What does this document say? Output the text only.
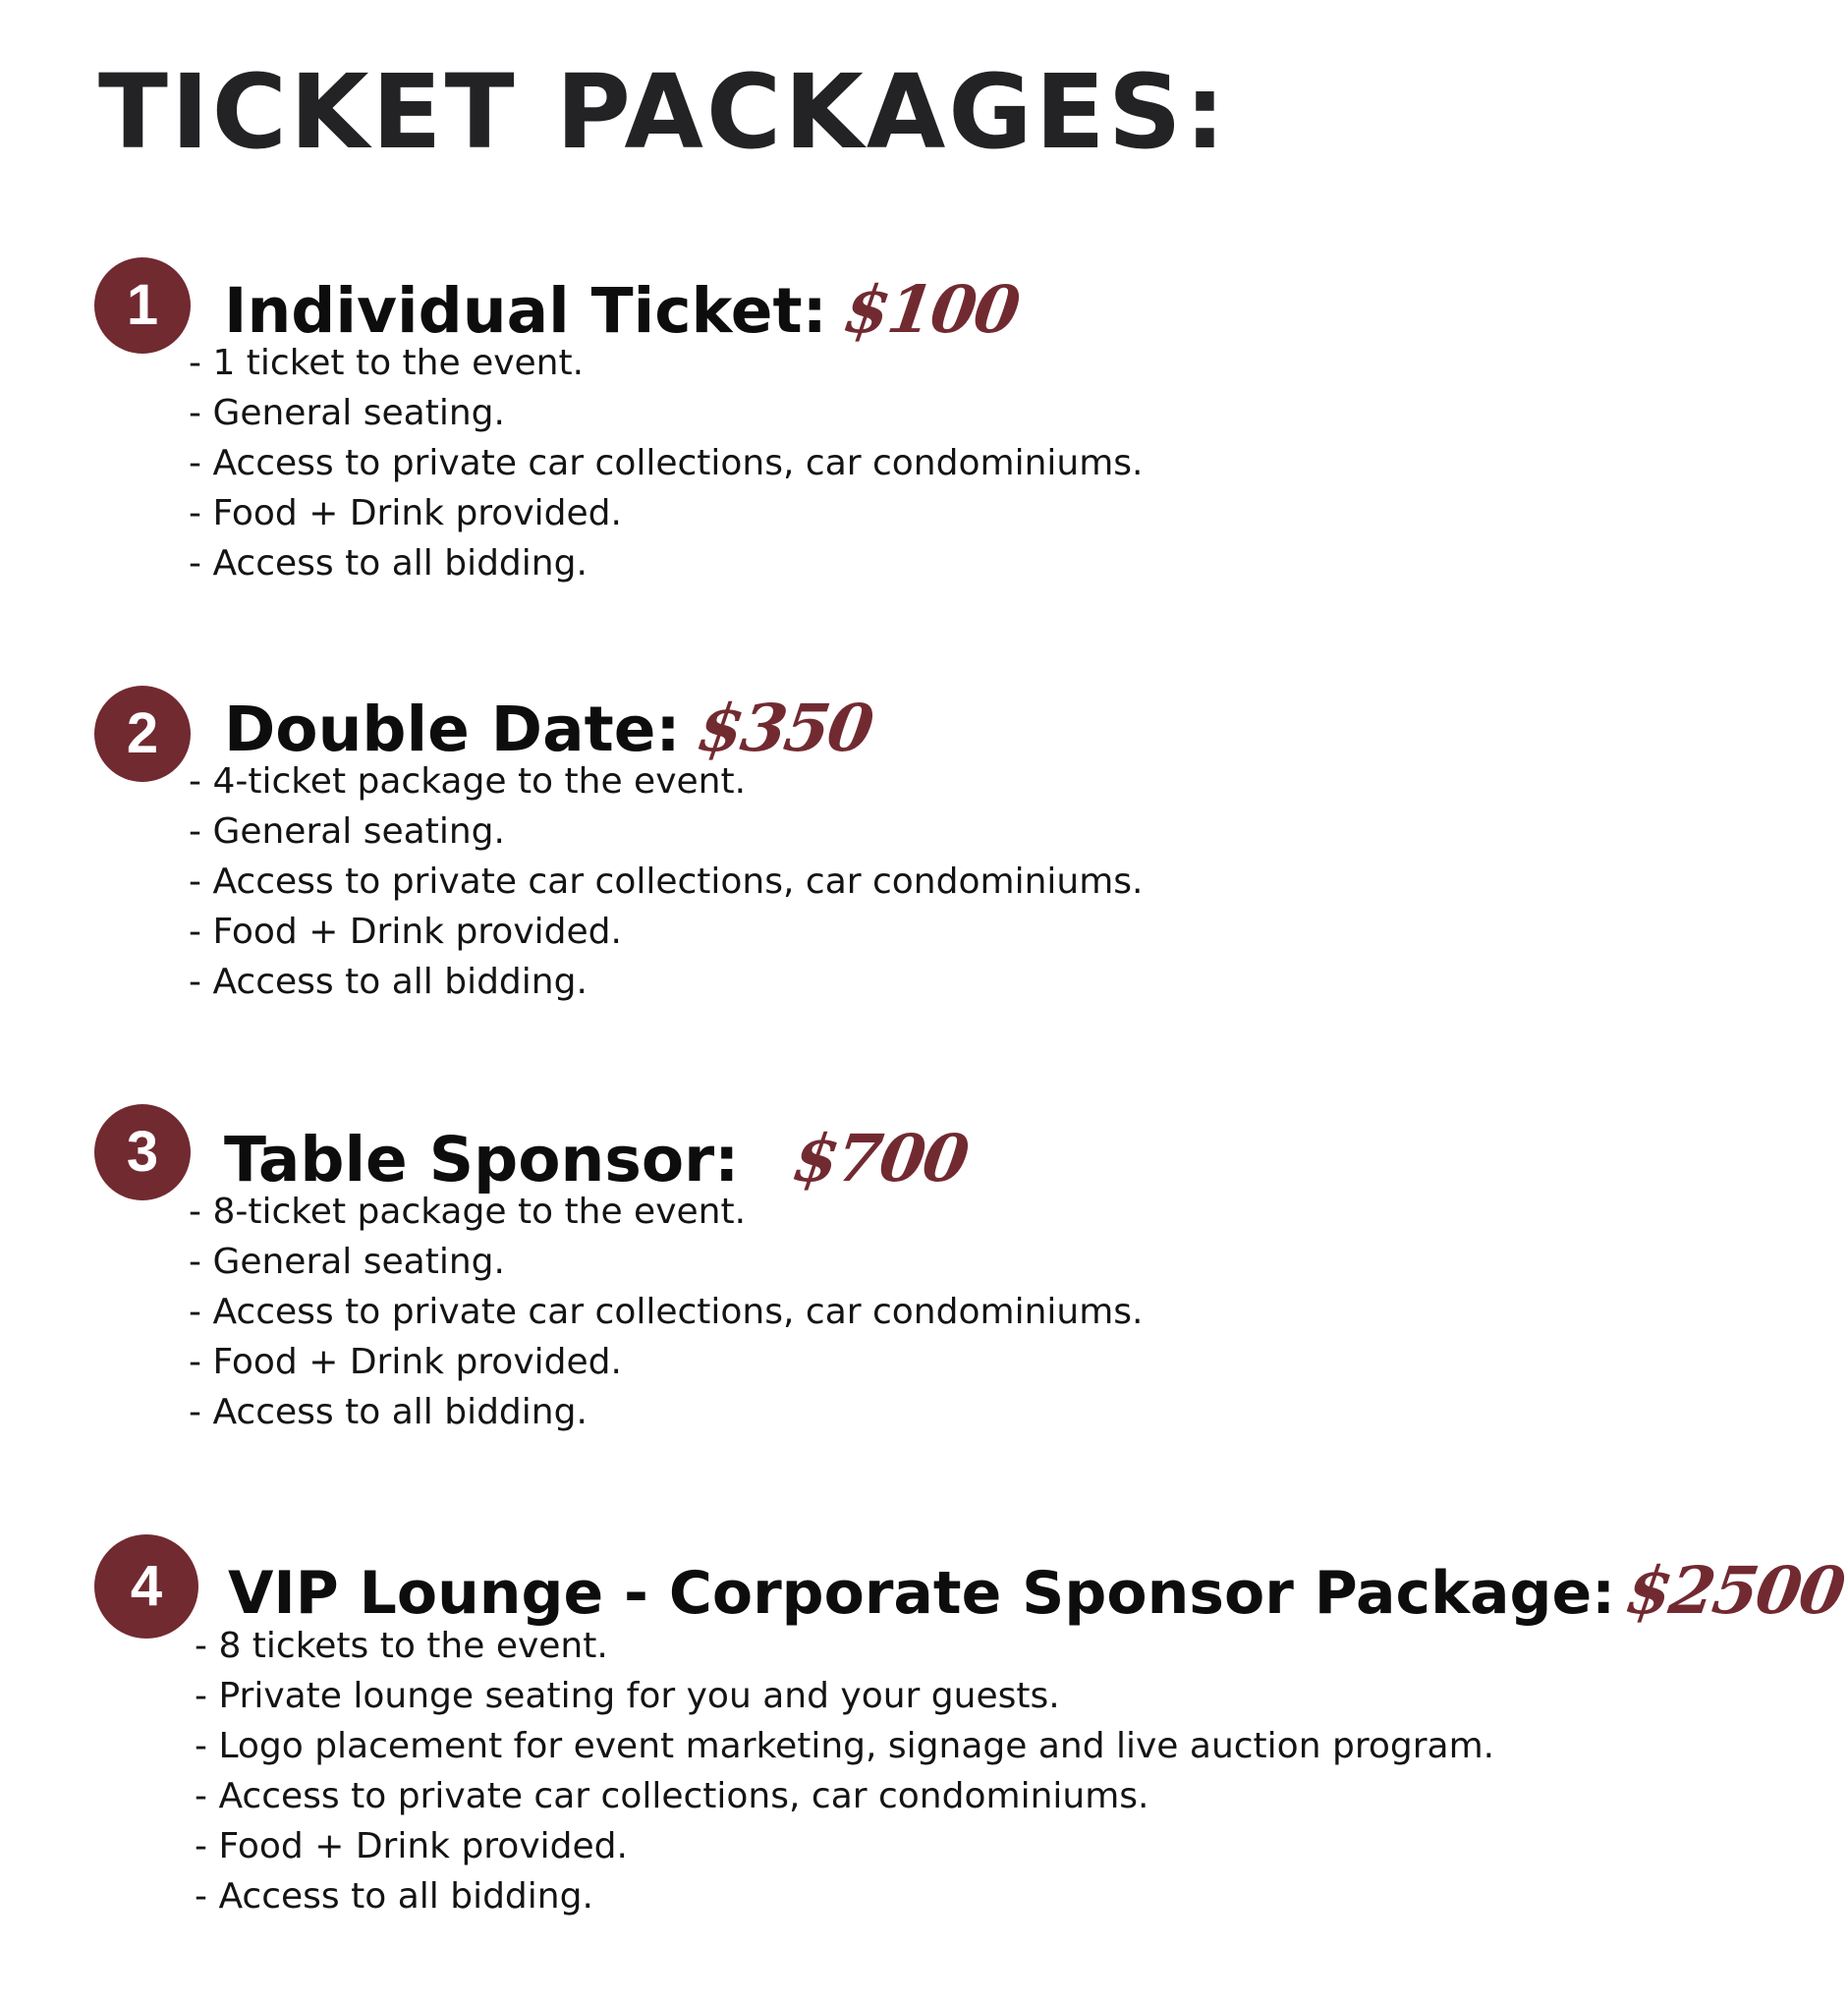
TICKET PACKAGES:
1	Individual Ticket: $100
- 1 ticket to the event.
- General seating.
- Access to private car collections, car condominiums.
- Food + Drink provided.
- Access to all bidding.
2	Double Date: $350
- 4-ticket package to the event.
- General seating.
- Access to private car collections, car condominiums.
- Food + Drink provided.
- Access to all bidding.
3	Table Sponsor: $700
- 8-ticket package to the event.
- General seating.
- Access to private car collections, car condominiums.
- Food + Drink provided.
- Access to all bidding.
4	VIP Lounge - Corporate Sponsor Package:$2500
- 8 tickets to the event.
- Private lounge seating for you and your guests.
- Logo placement for event marketing, signage and live auction program.
- Access to private car collections, car condominiums.
- Food + Drink provided.
- Access to all bidding.
